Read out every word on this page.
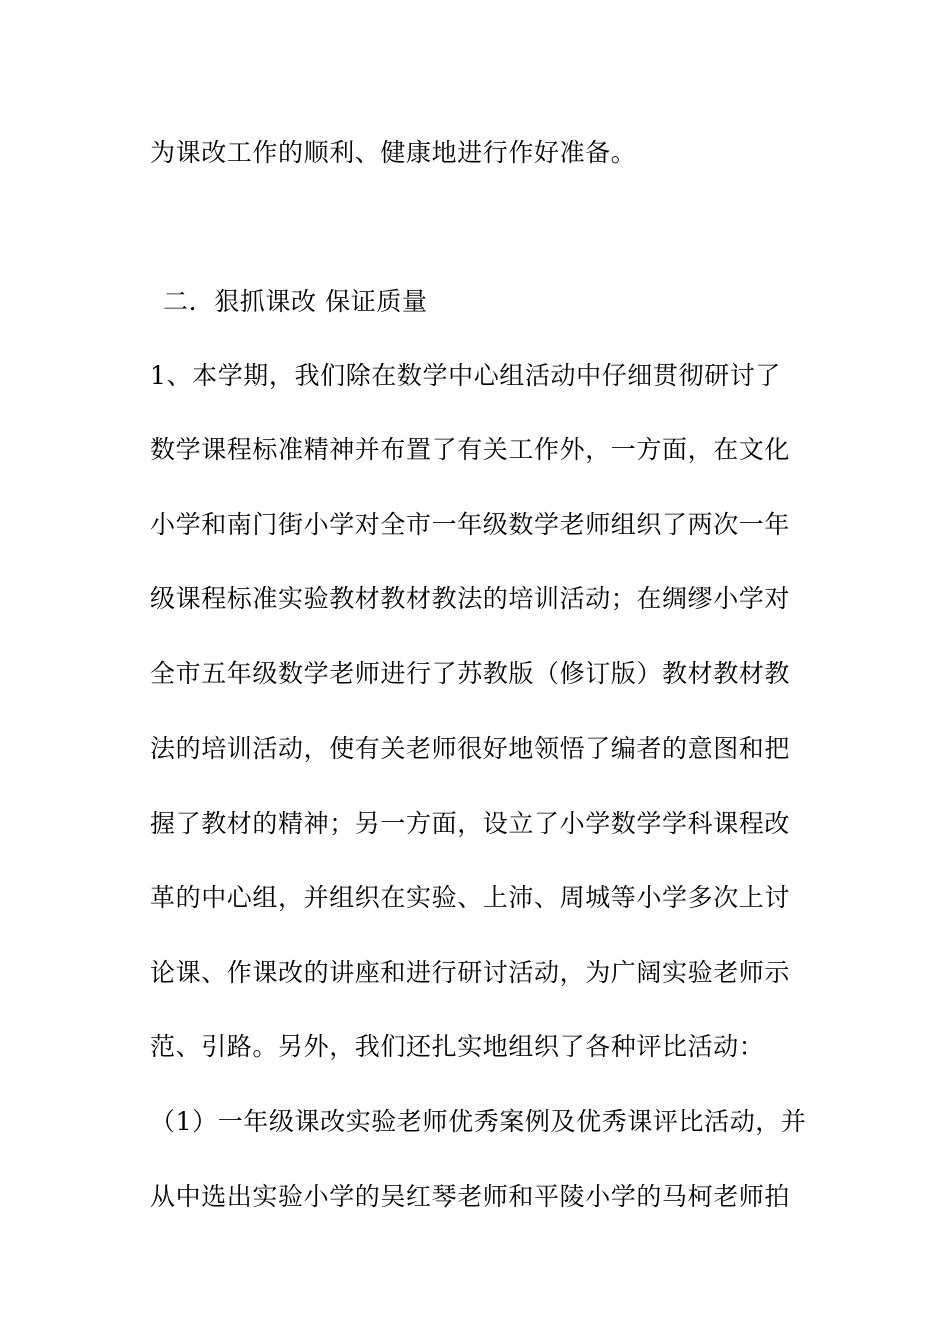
为课改工作的顺利、健康地进行作好准备。
二．狠抓课改 保证质量
1、本学期，我们除在数学中心组活动中仔细贯彻研讨了
数学课程标准精神并布置了有关工作外，一方面，在文化
小学和南门街小学对全市一年级数学老师组织了两次一年
级课程标准实验教材教材教法的培训活动；在绸缪小学对
全市五年级数学老师进行了苏教版（修订版）教材教材教
法的培训活动，使有关老师很好地领悟了编者的意图和把
握了教材的精神；另一方面，设立了小学数学学科课程改
革的中心组，并组织在实验、上沛、周城等小学多次上讨
论课、作课改的讲座和进行研讨活动，为广阔实验老师示
范、引路。另外，我们还扎实地组织了各种评比活动：
（1）一年级课改实验老师优秀案例及优秀课评比活动，并
从中选出实验小学的吴红琴老师和平陵小学的马柯老师拍
